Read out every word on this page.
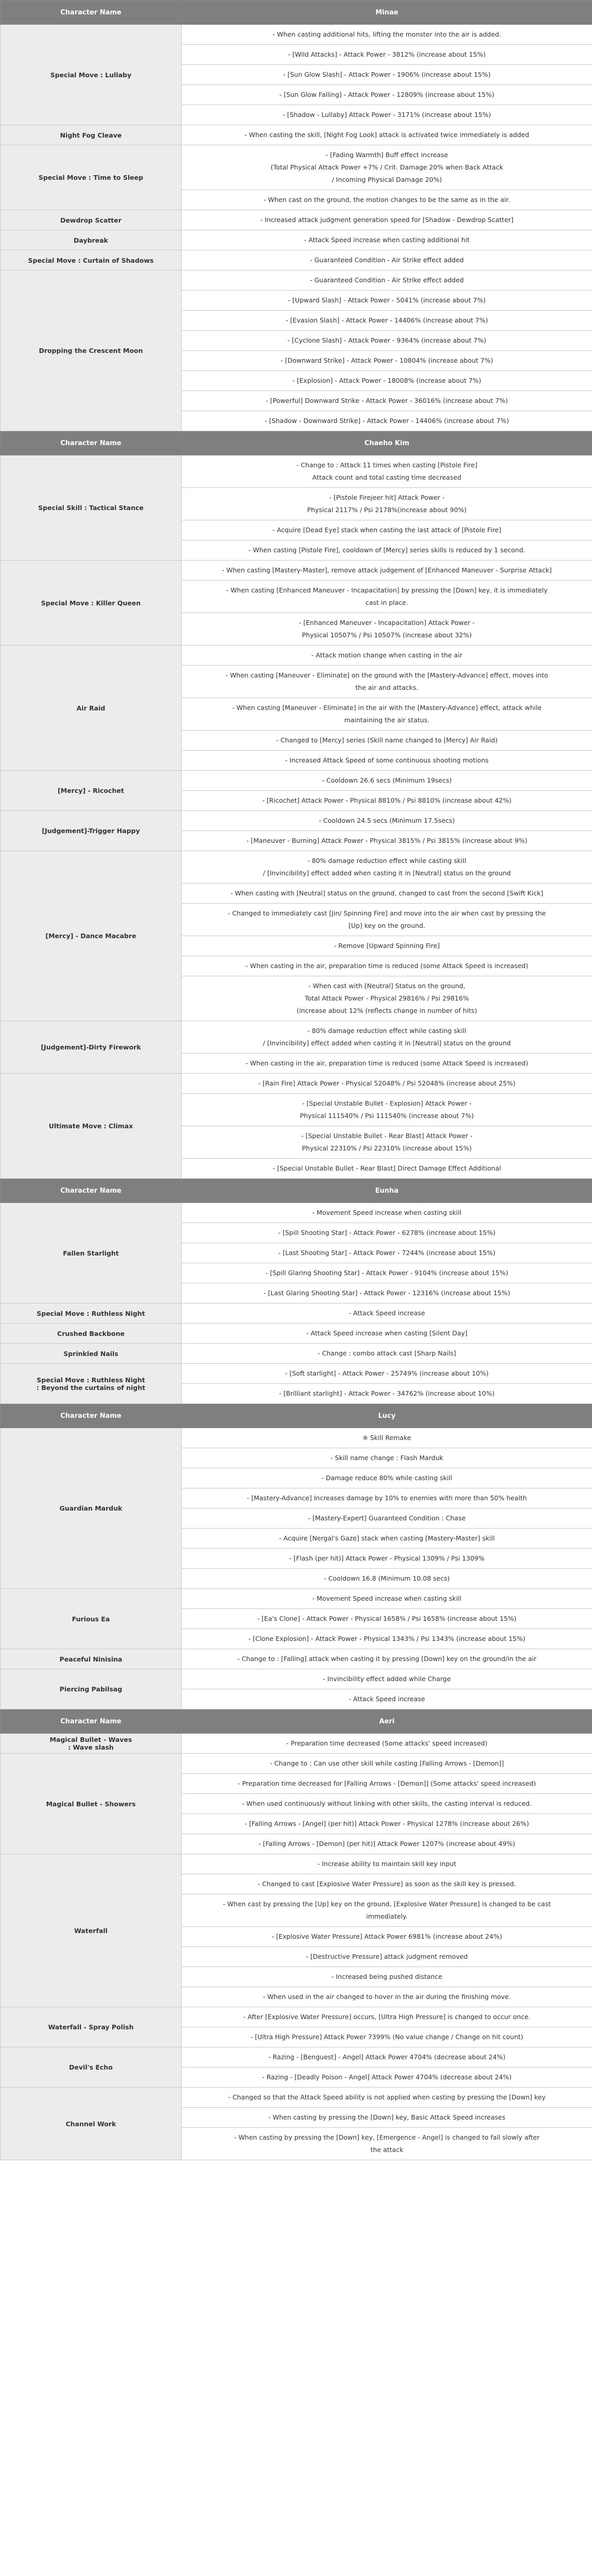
Character Name	Minae

Special Move : Lullaby	- When casting additional hits, lifting the monster into the air is added.

	- [Wild Attacks] - Attack Power - 3812% (increase about 15%)

	- [Sun Glow Slash] - Attack Power - 1906% (increase about 15%)

	- [Sun Glow Falling] - Attack Power - 12809% (increase about 15%)

	- [Shadow - Lullaby] Attack Power - 3171% (increase about 15%)

Night Fog Cleave	- When casting the skill, [Night Fog Look] attack is activated twice immediately is added

Special Move : Time to Sleep	- [Fading Warmth] Buff effect increase
(Total Physical Attack Power +7% / Crit. Damage 20% when Back Attack
/ Incoming Physical Damage 20%)

	- When cast on the ground, the motion changes to be the same as in the air.

Dewdrop Scatter	- Increased attack judgment generation speed for [Shadow - Dewdrop Scatter]

Daybreak	- Attack Speed increase when casting additional hit

Special Move : Curtain of Shadows	- Guaranteed Condition - Air Strike effect added

Dropping the Crescent Moon	- Guaranteed Condition - Air Strike effect added

	- [Upward Slash] - Attack Power - 5041% (increase about 7%)

	- [Evasion Slash] - Attack Power - 14406% (increase about 7%)

	- [Cyclone Slash] - Attack Power - 9364% (increase about 7%)

	- [Downward Strike] - Attack Power - 10804% (increase about 7%)

	- [Explosion] - Attack Power - 18008% (increase about 7%)

	- [Powerful] Downward Strike - Attack Power - 36016% (increase about 7%)

	- [Shadow - Downward Strike] - Attack Power - 14406% (increase about 7%)

Character Name	Chaeho Kim

Special Skill : Tactical Stance	- Change to : Attack 11 times when casting [Pistole Fire]
Attack count and total casting time decreased

	- [Pistole Firejeer hit] Attack Power -
Physical 2117% / Psi 2178%(increase about 90%)

	- Acquire [Dead Eye] stack when casting the last attack of [Pistole Fire]

	- When casting [Pistole Fire], cooldown of [Mercy] series skills is reduced by 1 second.

Special Move : Killer Queen	- When casting [Mastery-Master], remove attack judgement of [Enhanced Maneuver - Surprise Attack]

	- When casting [Enhanced Maneuver - Incapacitation] by pressing the [Down] key, it is immediately
cast in place.

	- [Enhanced Maneuver - Incapacitation] Attack Power -
Physical 10507% / Psi 10507% (increase about 32%)

Air Raid	- Attack motion change when casting in the air

	- When casting [Maneuver - Eliminate] on the ground with the [Mastery-Advance] effect, moves into
the air and attacks.

	- When casting [Maneuver - Eliminate] in the air with the [Mastery-Advance] effect, attack while
maintaining the air status.

	- Changed to [Mercy] series (Skill name changed to [Mercy] Air Raid)

	- Increased Attack Speed of some continuous shooting motions

[Mercy] - Ricochet	- Cooldown 26.6 secs (Minimum 19secs)

	- [Ricochet] Attack Power - Physical 8810% / Psi 8810% (increase about 42%)

[Judgement]-Trigger Happy	- Cooldown 24.5 secs (Minimum 17.5secs)

	- [Maneuver - Burning] Attack Power - Physical 3815% / Psi 3815% (increase about 9%)

[Mercy] - Dance Macabre	- 80% damage reduction effect while casting skill
/ [Invincibility] effect added when casting it in [Neutral] status on the ground

	- When casting with [Neutral] status on the ground, changed to cast from the second [Swift Kick]

	- Changed to immediately cast [Jin/ Spinning Fire] and move into the air when cast by pressing the
[Up] key on the ground.

	- Remove [Upward Spinning Fire]

	- When casting in the air, preparation time is reduced (some Attack Speed is increased)

	- When cast with [Neutral] Status on the ground,
Total Attack Power - Physical 29816% / Psi 29816%
(increase about 12% (reflects change in number of hits)

[Judgement]-Dirty Firework	- 80% damage reduction effect while casting skill
/ [Invincibility] effect added when casting it in [Neutral] status on the ground

	- When casting in the air, preparation time is reduced (some Attack Speed is increased)

Ultimate Move : Climax	- [Rain Fire] Attack Power - Physical 52048% / Psi 52048% (increase about 25%)

	- [Special Unstable Bullet - Explosion] Attack Power -
Physical 111540% / Psi 111540% (increase about 7%)

	- [Special Unstable Bullet - Rear Blast] Attack Power -
Physical 22310% / Psi 22310% (increase about 15%)

	- [Special Unstable Bullet - Rear Blast] Direct Damage Effect Additional

Character Name	Eunha

Fallen Starlight	- Movement Speed increase when casting skill

	- [Spill Shooting Star] - Attack Power - 6278% (increase about 15%)

	- [Last Shooting Star] - Attack Power - 7244% (increase about 15%)

	- [Spill Glaring Shooting Star] - Attack Power - 9104% (increase about 15%)

	- [Last Glaring Shooting Star] - Attack Power - 12316% (increase about 15%)

Special Move : Ruthless Night	- Attack Speed increase

Crushed Backbone	- Attack Speed increase when casting [Silent Day]

Sprinkled Nails	- Change : combo attack cast [Sharp Nails]

Special Move : Ruthless Night
: Beyond the curtains of night	- [Soft starlight] - Attack Power - 25749% (increase about 10%)

	- [Brilliant starlight] - Attack Power - 34762% (increase about 10%)

Character Name	Lucy

Guardian Marduk	※ Skill Remake

	- Skill name change : Flash Marduk

	- Damage reduce 80% while casting skill

	- [Mastery-Advance] Increases damage by 10% to enemies with more than 50% health

	- [Mastery-Expert] Guaranteed Condition : Chase

	- Acquire [Nergal's Gaze] stack when casting [Mastery-Master] skill

	- [Flash (per hit)] Attack Power - Physical 1309% / Psi 1309%

	- Cooldown 16.8 (Minimum 10.08 secs)

Furious Ea	- Movement Speed increase when casting skill

	- [Ea's Clone] - Attack Power - Physical 1658% / Psi 1658% (increase about 15%)

	- [Clone Explosion] - Attack Power - Physical 1343% / Psi 1343% (increase about 15%)

Peaceful Ninisina	- Change to : [Falling] attack when casting it by pressing [Down] key on the ground/in the air

Piercing Pabilsag	- Invincibility effect added while Charge

	- Attack Speed increase

Character Name	Aeri

Magical Bullet - Waves
: Wave slash	- Preparation time decreased (Some attacks' speed increased)

Magical Bullet - Showers	- Change to : Can use other skill while casting [Falling Arrows - [Demon]]

	- Preparation time decreased for [Falling Arrows - [Demon]] (Some attacks' speed increased)

	- When used continuously without linking with other skills, the casting interval is reduced.

	- [Falling Arrows - [Angel] (per hit)] Attack Power - Physical 1278% (increase about 26%)

	- [Falling Arrows - [Demon] (per hit)] Attack Power 1207% (increase about 49%)

Waterfall	- Increase ability to maintain skill key input

	- Changed to cast [Explosive Water Pressure] as soon as the skill key is pressed.

	- When cast by pressing the [Up] key on the ground, [Explosive Water Pressure] is changed to be cast
immediately.

	- [Explosive Water Pressure] Attack Power 6981% (increase about 24%)

	- [Destructive Pressure] attack judgment removed

	- Increased being pushed distance

	- When used in the air changed to hover in the air during the finishing move.

Waterfall - Spray Polish	- After [Explosive Water Pressure] occurs, [Ultra High Pressure] is changed to occur once.

	- [Ultra High Pressure] Attack Power 7399% (No value change / Change on hit count)

Devil's Echo	- Razing - [Benguest] - Angel] Attack Power 4704% (decrease about 24%)

	- Razing - [Deadly Poison - Angel] Attack Power 4704% (decrease about 24%)

Channel Work	- Changed so that the Attack Speed ability is not applied when casting by pressing the [Down] key

	- When casting by pressing the [Down] key, Basic Attack Speed increases

	- When casting by pressing the [Down] key, [Emergence - Angel] is changed to fall slowly after
the attack
